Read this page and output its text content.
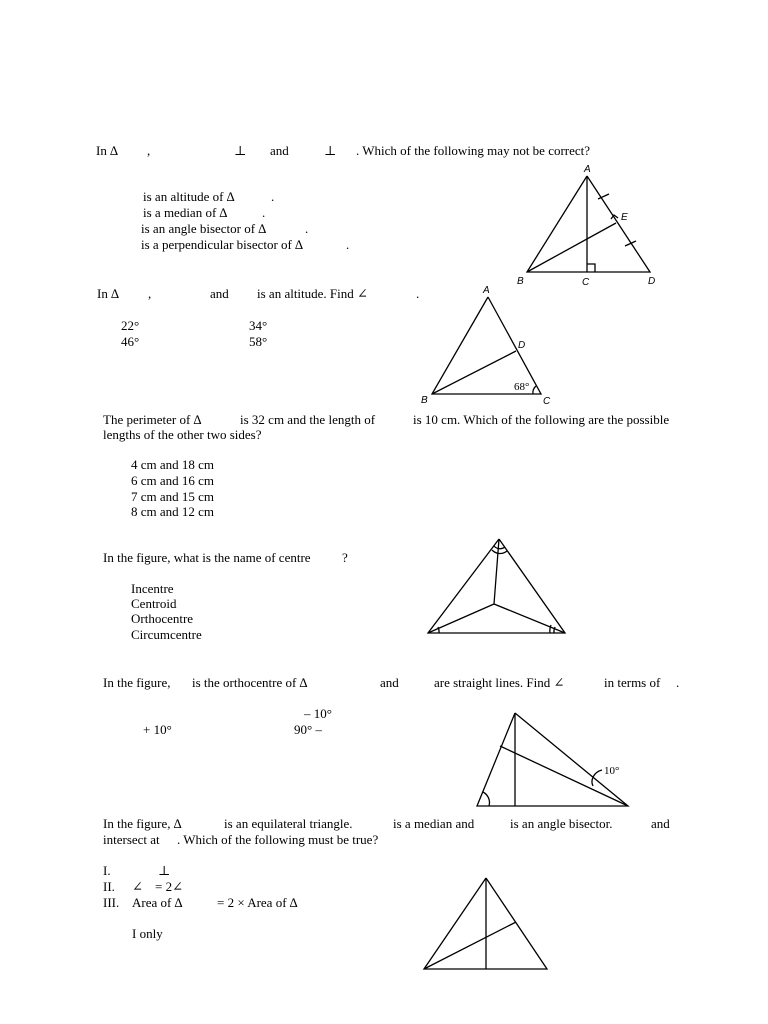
In ∆ ,	⊥ and	⊥ . Which of the following may not be correct?
is an altitude of ∆	.
is a median of ∆	.
is an angle bisector of ∆	.
is a perpendicular bisector of ∆	.
A
E
B	C	D
In ∆ ,	and is an altitude. Find ∠	.
22°	34°
46°	58°
A
D
B	C
68°
The perimeter of ∆	is 32 cm and the length of	is 10 cm. Which of the following are the possible
lengths of the other two sides?
4 cm and 18 cm
6 cm and 16 cm
7 cm and 15 cm
8 cm and 12 cm
In the figure, what is the name of centre ?
Incentre
Centroid
Orthocentre
Circumcentre
In the figure, is the orthocentre of ∆	and	are straight lines. Find ∠	in terms of .
– 10°
+ 10°	90° –
10°
In the figure, ∆	is an equilateral triangle.	is a median and	is an angle bisector.	and
intersect at . Which of the following must be true?
I.	⊥
II. ∠ = 2∠
III. Area of ∆	= 2 × Area of ∆
I only
